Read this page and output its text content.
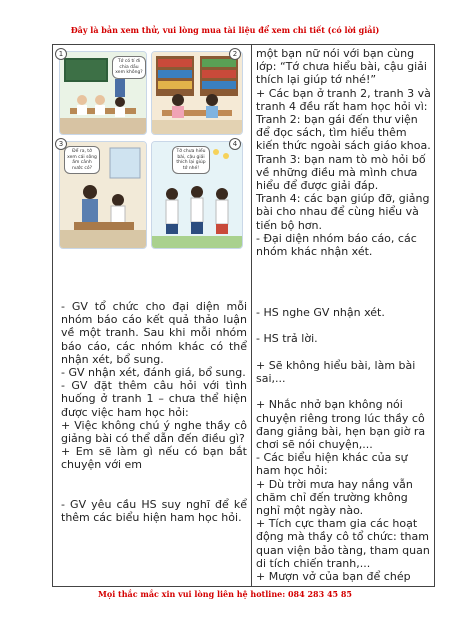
Đây là bản xem thử, vui lòng mua tài liệu để xem chi tiết (có lời giải)
Tớ có tí đi chia dầu xem không?
1	2
Để ra, tớ xem cái sông ấm cảnh nước có?
3
Tớ chưa hiểu bài, cậu giải thích lại giúp tớ nhé!
4

- GV tổ chức cho đại diện mỗi nhóm báo cáo kết quả thảo luận về một tranh. Sau khi mỗi nhóm báo cáo, các nhóm khác có thể nhận xét, bổ sung.

- GV nhận xét, đánh giá, bổ sung.

- GV đặt thêm câu hỏi với tình huống ở tranh 1 – chưa thể hiện được việc ham học hỏi:

+ Việc không chú ý nghe thầy cô giảng bài có thể dẫn đến điều gì?

+ Em sẽ làm gì nếu có bạn bắt chuyện với em

- GV yêu cầu HS suy nghĩ để kể thêm các biểu hiện ham học hỏi.

một bạn nữ nói với bạn cùng lớp: “Tớ chưa hiểu bài, cậu giải thích lại giúp tớ nhé!”

+ Các bạn ở tranh 2, tranh 3 và tranh 4 đều rất ham học hỏi vì:

Tranh 2: bạn gái đến thư viện để đọc sách, tìm hiểu thêm kiến thức ngoài sách giáo khoa.

Tranh 3: bạn nam tò mò hỏi bố về những điều mà mình chưa hiểu để được giải đáp.

Tranh 4: các bạn giúp đỡ, giảng bài cho nhau để cùng hiểu và tiến bộ hơn.

- Đại diện nhóm báo cáo, các nhóm khác nhận xét.

- HS nghe GV nhận xét.

- HS trả lời.

+ Sẽ không hiểu bài, làm bài sai,...

+ Nhắc nhở bạn không nói chuyện riêng trong lúc thầy cô đang giảng bài, hẹn bạn giờ ra chơi sẽ nói chuyện,...

- Các biểu hiện khác của sự ham học hỏi:

+ Dù trời mưa hay nắng vẫn chăm chỉ đến trường không nghỉ một ngày nào.

+ Tích cực tham gia các hoạt động mà thầy cô tổ chức: tham quan viện bảo tàng, tham quan di tích chiến tranh,...

+ Mượn vở của bạn để chép

Mọi thắc mắc xin vui lòng liên hệ hotline: 084 283 45 85
